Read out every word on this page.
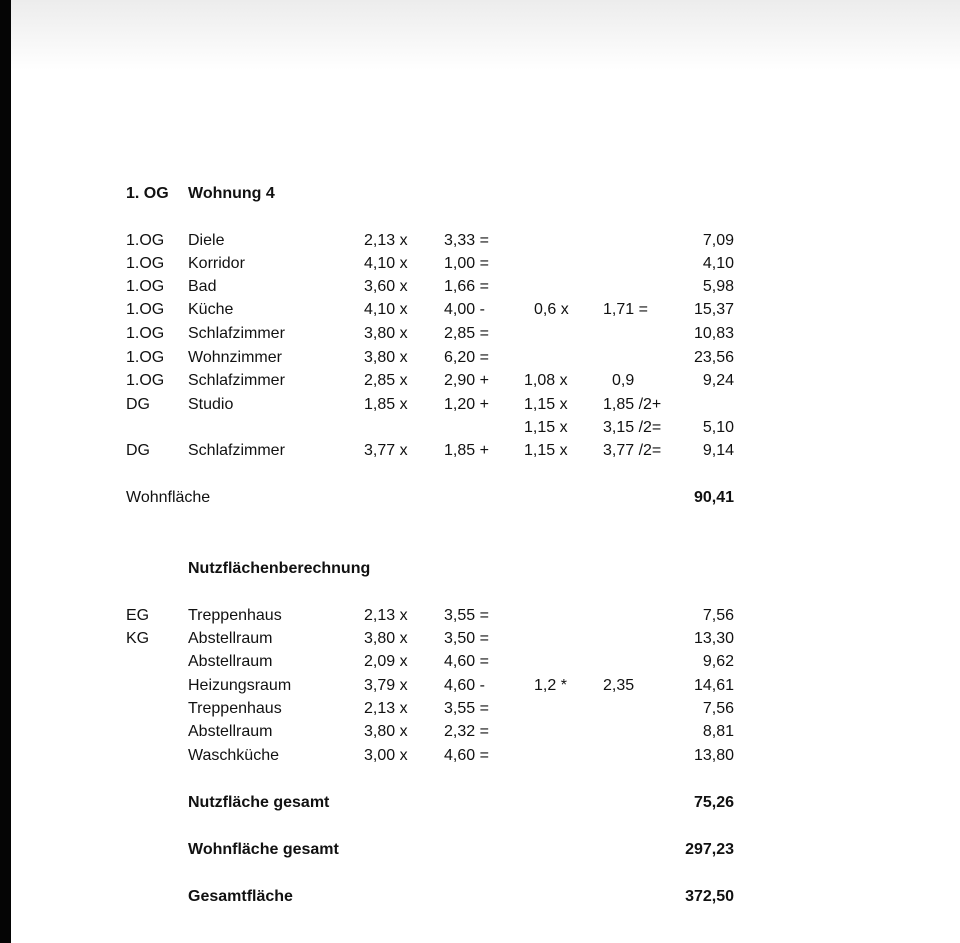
1. OG Wohnung 4
1.OG Diele	2,13 x 3,33 =	7,09
1.OG Korridor	4,10 x 1,00 =	4,10
1.OG Bad	3,60 x 1,66 =	5,98
1.OG Küche	4,10 x 4,00 -	0,6 x 1,71 =	15,37
1.OG Schlafzimmer	3,80 x 2,85 =	10,83
1.OG Wohnzimmer	3,80 x 6,20 =	23,56
1.OG Schlafzimmer	2,85 x 2,90 + 1,08 x	0,9	9,24
DG Studio	1,85 x 1,20 + 1,15 x 1,85 /2+
1,15 x 3,15 /2=	5,10
DG Schlafzimmer	3,77 x 1,85 + 1,15 x 3,77 /2=	9,14
Wohnfläche	90,41
Nutzflächenberechnung
EG Treppenhaus	2,13 x 3,55 =	7,56
KG Abstellraum	3,80 x 3,50 =	13,30
Abstellraum	2,09 x 4,60 =	9,62
Heizungsraum	3,79 x 4,60 -	1,2 * 2,35	14,61
Treppenhaus	2,13 x 3,55 =	7,56
Abstellraum	3,80 x 2,32 =	8,81
Waschküche	3,00 x 4,60 =	13,80
Nutzfläche gesamt	75,26
Wohnfläche gesamt	297,23
Gesamtfläche	372,50
